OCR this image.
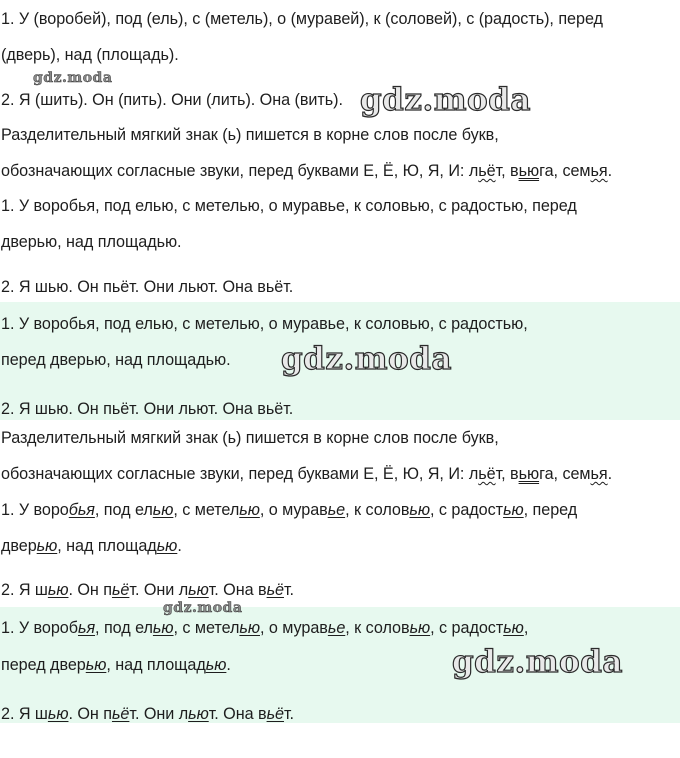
1. У (воробей), под (ель), с (метель), о (муравей), к (соловей), с (радость), перед
(дверь), над (площадь).
2. Я (шить). Он (пить). Они (лить). Она (вить).
Разделительный мягкий знак (ь) пишется в корне слов после букв,
обозначающих согласные звуки, перед буквами Е, Ё, Ю, Я, И: льёт, вьюга, семья.
1. У воробья, под елью, с метелью, о муравье, к соловью, с радостью, перед
дверью, над площадью.
2. Я шью. Он пьёт. Они льют. Она вьёт.
1. У воробья, под елью, с метелью, о муравье, к соловью, с радостью,
перед дверью, над площадью.
2. Я шью. Он пьёт. Они льют. Она вьёт.
Разделительный мягкий знак (ь) пишется в корне слов после букв,
обозначающих согласные звуки, перед буквами Е, Ё, Ю, Я, И: льёт, вьюга, семья.
1. У воробья, под елью, с метелью, о муравье, к соловью, с радостью, перед
дверью, над площадью.
2. Я шью. Он пьёт. Они льют. Она вьёт.
1. У воробья, под елью, с метелью, о муравье, к соловью, с радостью,
перед дверью, над площадью.
2. Я шью. Он пьёт. Они льют. Она вьёт.
gdz.moda
gdz.moda
gdz.moda
gdz.moda
gdz.moda
